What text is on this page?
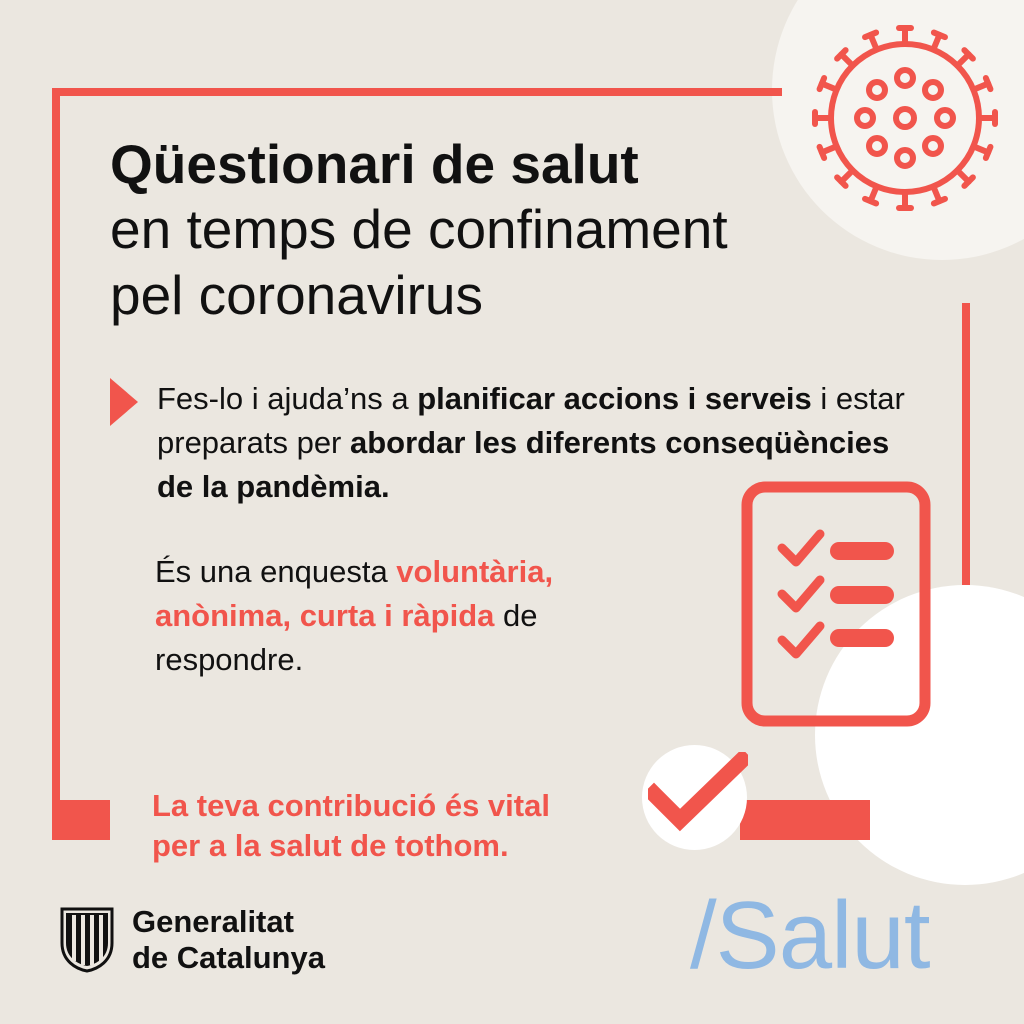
Qüestionari de salut
en temps de confinament
pel coronavirus
Fes-lo i ajuda’ns a planificar accions i serveis i estar preparats per abordar les diferents conseqüències de la pandèmia.
És una enquesta voluntària, anònima, curta i ràpida de respondre.
La teva contribució és vital
per a la salut de tothom.
Generalitat
de Catalunya	/Salut
